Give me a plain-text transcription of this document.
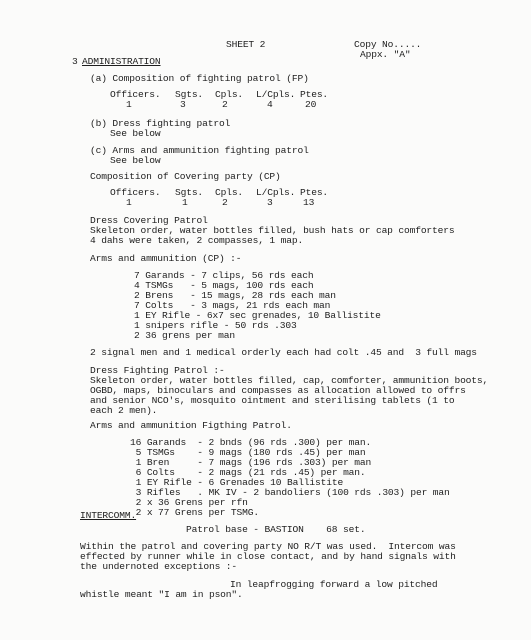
SHEET 2	Copy No.....
Appx. "A"
3 ADMINISTRATION
(a) Composition of fighting patrol (FP)
Officers. Sgts. Cpls. L/Cpls. Ptes.
1	3	2	4	20
(b) Dress fighting patrol
See below
(c) Arms and ammunition fighting patrol
See below
Composition of Covering party (CP)
Officers. Sgts. Cpls. L/Cpls. Ptes.
1	1	2	3	13
Dress Covering Patrol
Skeleton order, water bottles filled, bush hats or cap comforters
4 dahs were taken, 2 compasses, 1 map.
Arms and ammunition (CP) :-
7 Garands - 7 clips, 56 rds each
4 TSMGs   - 5 mags, 100 rds each
2 Brens   - 15 mags, 28 rds each man
7 Colts   - 3 mags, 21 rds each man
1 EY Rifle - 6x7 sec grenades, 10 Ballistite
1 snipers rifle - 50 rds .303
2 36 grens per man
2 signal men and 1 medical orderly each had colt .45 and  3 full mags
Dress Fighting Patrol :-
Skeleton order, water bottles filled, cap, comforter, ammunition boots,
OGBD, maps, binoculars and compasses as allocation allowed to offrs
and senior NCO's, mosquito ointment and sterilising tablets (1 to
each 2 men).
Arms and ammunition Figthing Patrol.
16 Garands  - 2 bnds (96 rds .300) per man.
5 TSMGs    - 9 mags (180 rds .45) per man
1 Bren     - 7 mags (196 rds .303) per man
6 Colts    - 2 mags (21 rds .45) per man.
1 EY Rifle - 6 Grenades 10 Ballistite
3 Rifles   . MK IV - 2 bandoliers (100 rds .303) per man
2 x 36 Grens per rfn
2 x 77 Grens per TSMG.
INTERCOMM.
Patrol base - BASTION    68 set.
Within the patrol and covering party NO R/T was used.  Intercom was
effected by runner while in close contact, and by hand signals with
the undernoted exceptions :-
In leapfrogging forward a low pitched
whistle meant "I am in pson".
